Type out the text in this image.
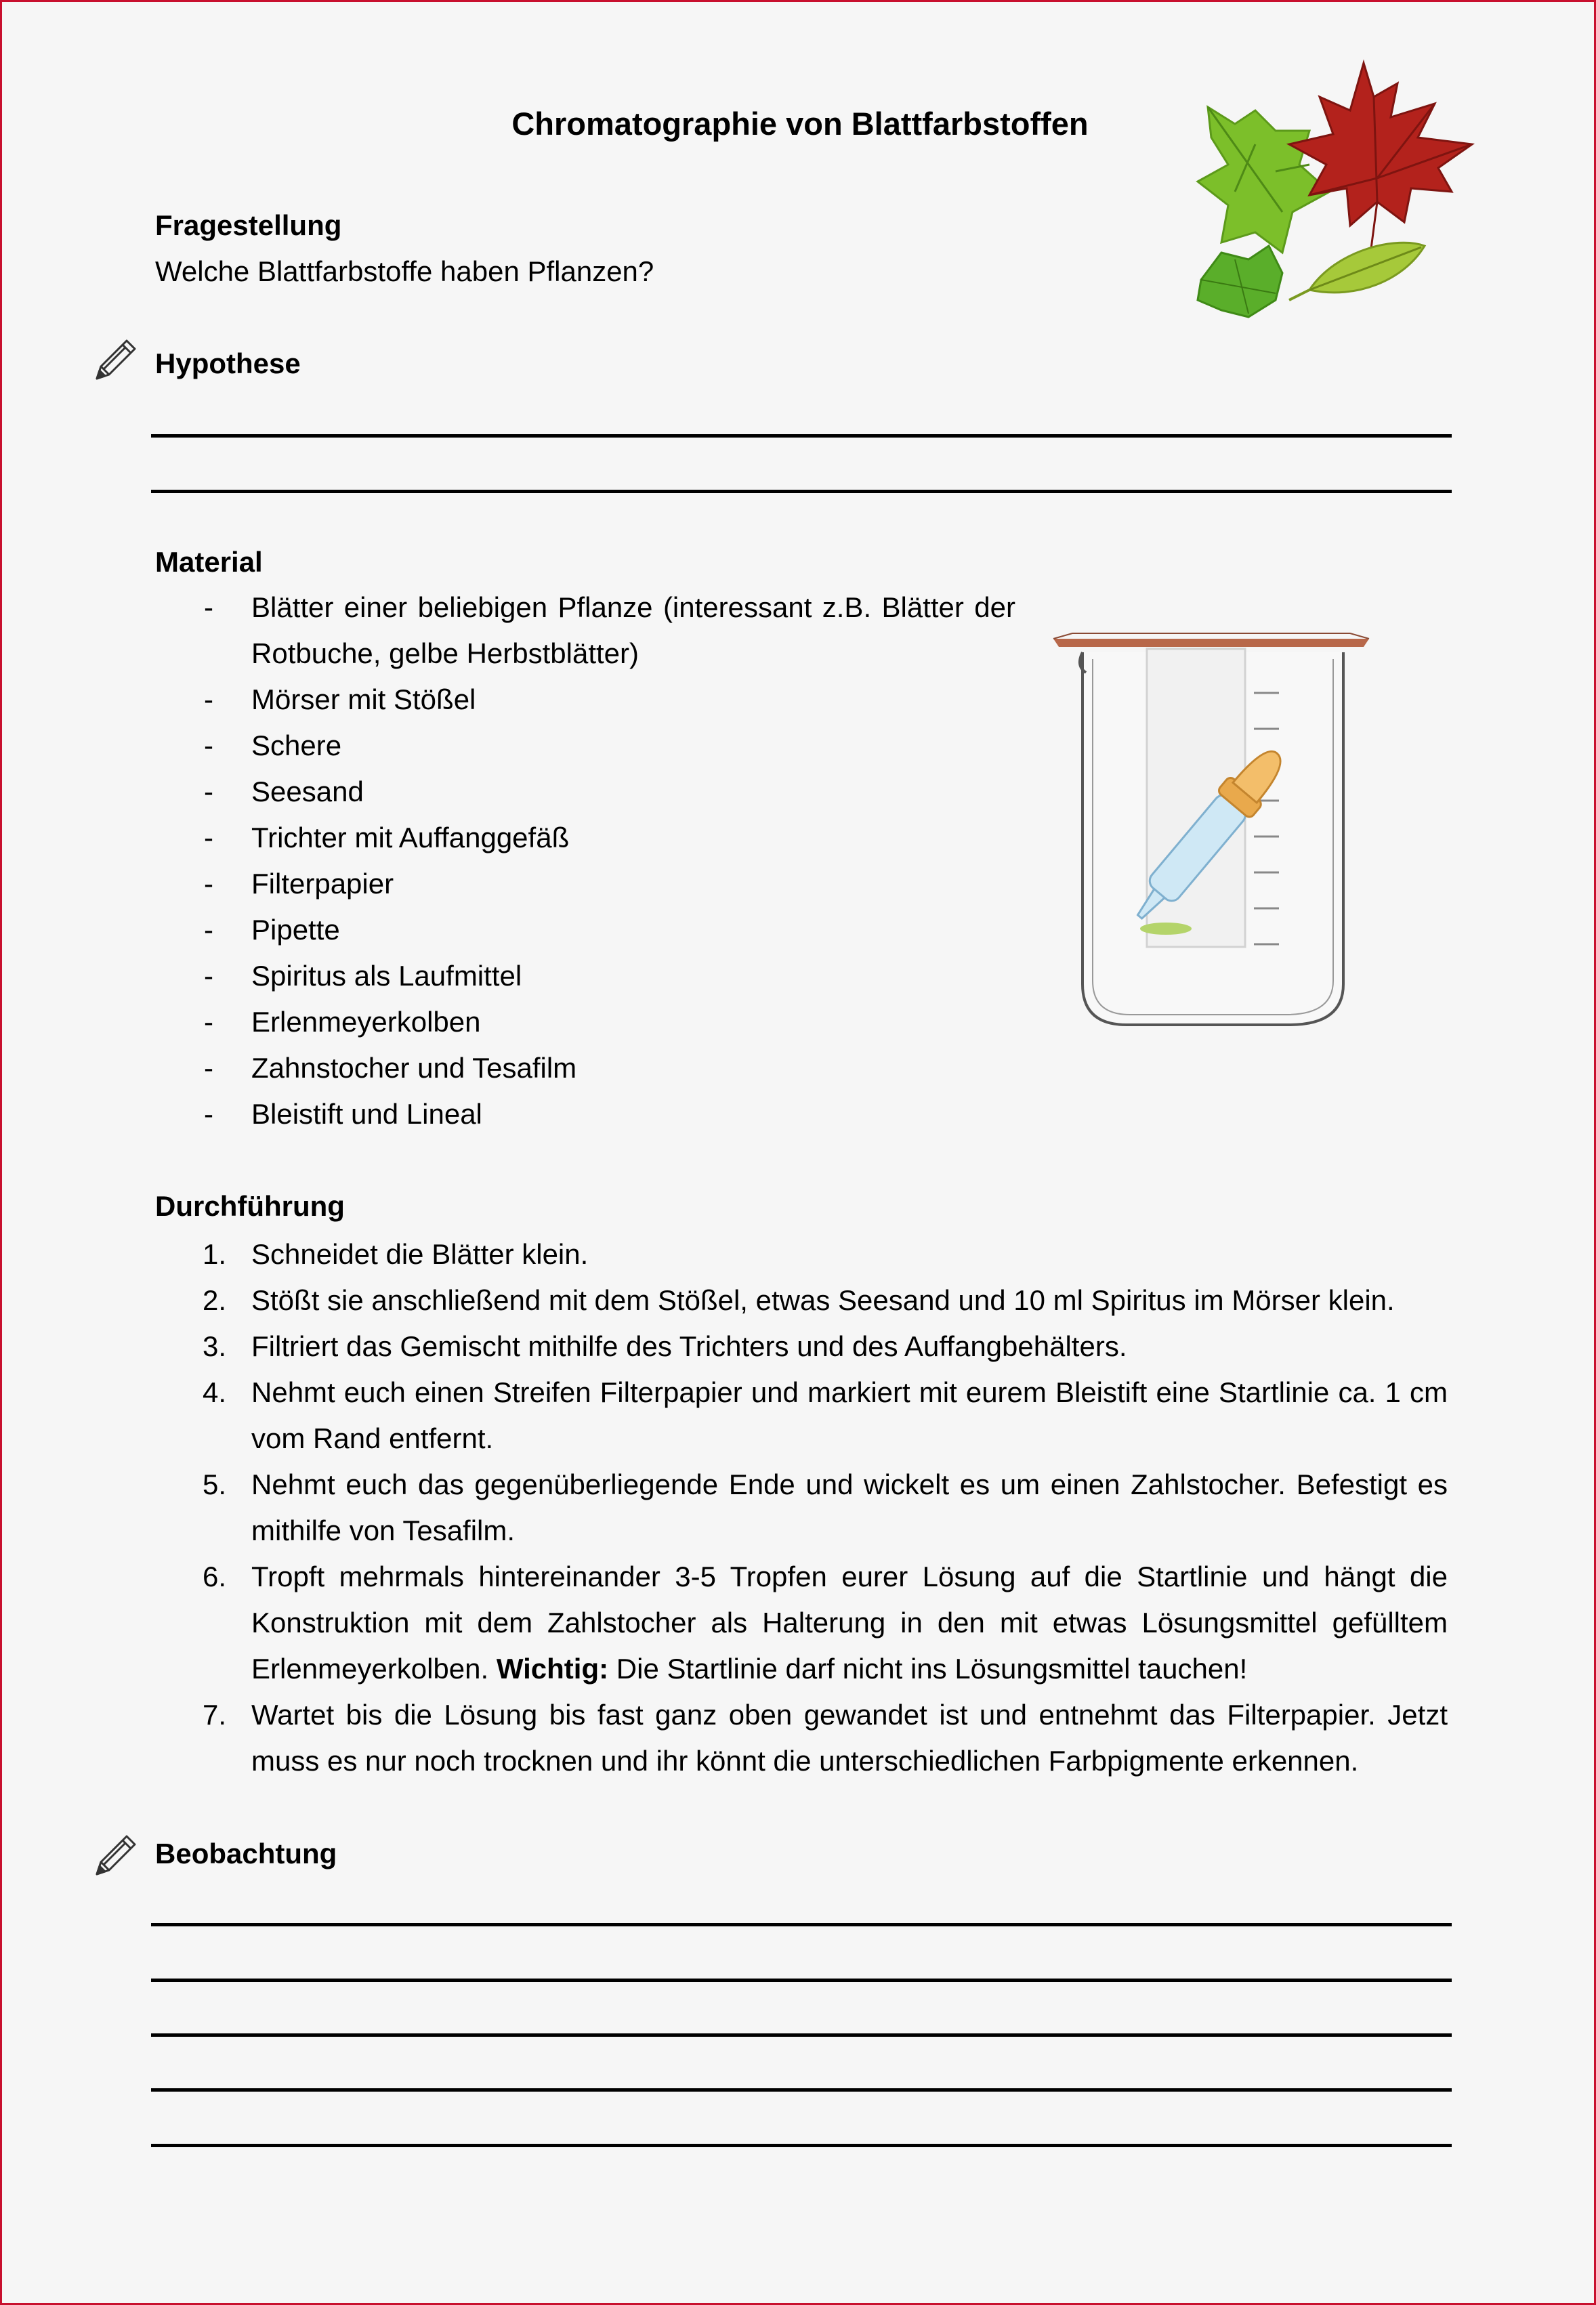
Chromatographie von Blattfarbstoffen
Fragestellung
Welche Blattfarbstoffe haben Pflanzen?
Hypothese
Material
- Blätter einer beliebigen Pflanze (interessant z.B. Blätter der Rotbuche, gelbe Herbstblätter)
- Mörser mit Stößel
- Schere
- Seesand
- Trichter mit Auffanggefäß
- Filterpapier
- Pipette
- Spiritus als Laufmittel
- Erlenmeyerkolben
- Zahnstocher und Tesafilm
- Bleistift und Lineal
Durchführung
1. Schneidet die Blätter klein.
2. Stößt sie anschließend mit dem Stößel, etwas Seesand und 10 ml Spiritus im Mörser klein.
3. Filtriert das Gemischt mithilfe des Trichters und des Auffangbehälters.
4. Nehmt euch einen Streifen Filterpapier und markiert mit eurem Bleistift eine Startlinie ca. 1 cm vom Rand entfernt.
5. Nehmt euch das gegenüberliegende Ende und wickelt es um einen Zahlstocher. Befestigt es mithilfe von Tesafilm.
6. Tropft mehrmals hintereinander 3-5 Tropfen eurer Lösung auf die Startlinie und hängt die Konstruktion mit dem Zahlstocher als Halterung in den mit etwas Lösungsmittel gefülltem Erlenmeyerkolben. Wichtig: Die Startlinie darf nicht ins Lösungsmittel tauchen!
7. Wartet bis die Lösung bis fast ganz oben gewandet ist und entnehmt das Filterpapier. Jetzt muss es nur noch trocknen und ihr könnt die unterschiedlichen Farbpigmente erkennen.
Beobachtung
